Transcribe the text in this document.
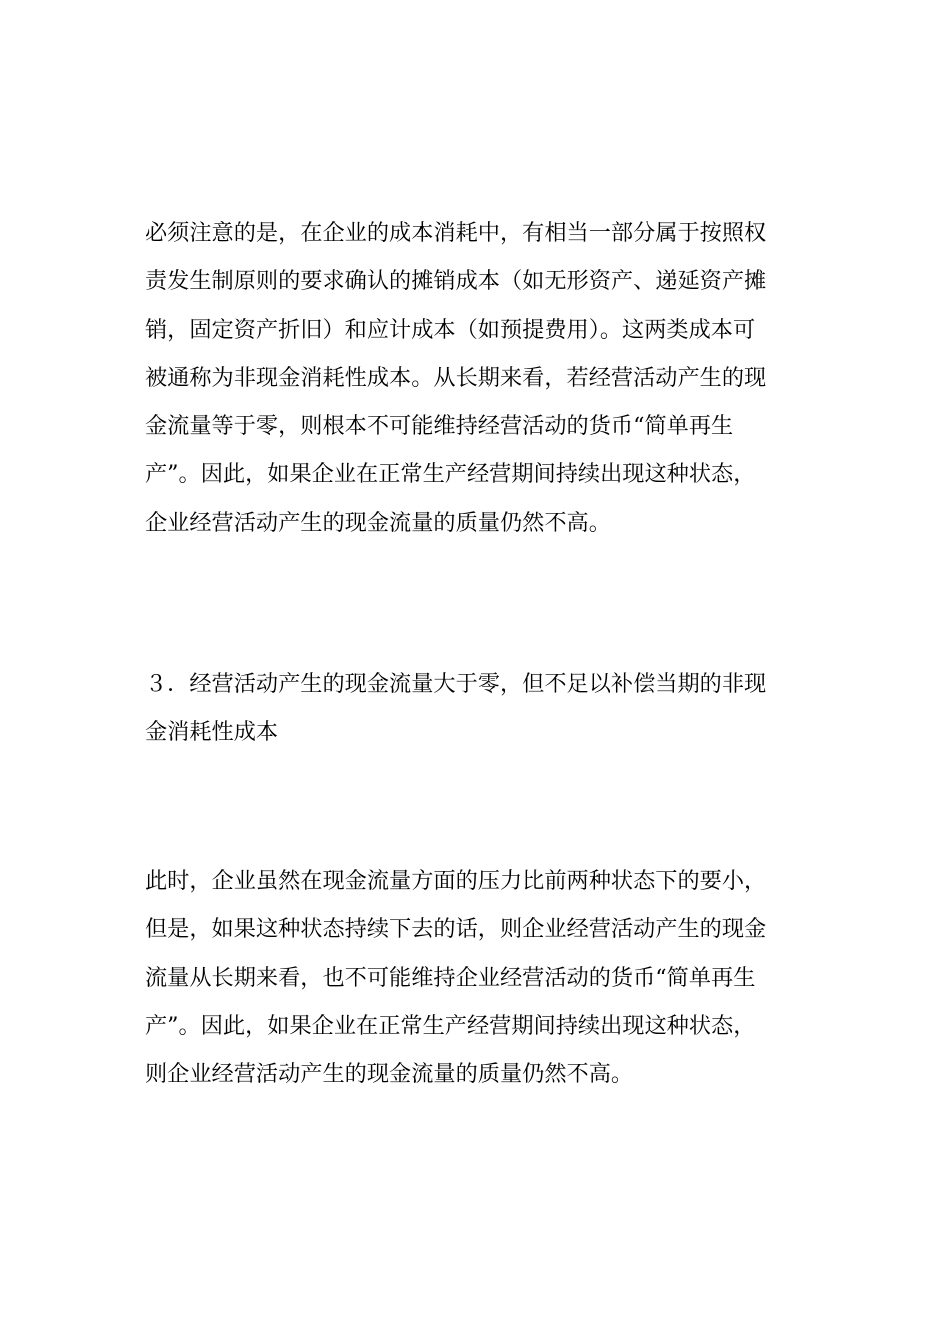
必须注意的是，在企业的成本消耗中，有相当一部分属于按照权
责发生制原则的要求确认的摊销成本（如无形资产、递延资产摊
销，固定资产折旧）和应计成本（如预提费用）。这两类成本可
被通称为非现金消耗性成本。从长期来看，若经营活动产生的现
金流量等于零，则根本不可能维持经营活动的货币“简单再生
产”。因此，如果企业在正常生产经营期间持续出现这种状态，
企业经营活动产生的现金流量的质量仍然不高。
３．经营活动产生的现金流量大于零，但不足以补偿当期的非现
金消耗性成本
此时，企业虽然在现金流量方面的压力比前两种状态下的要小，
但是，如果这种状态持续下去的话，则企业经营活动产生的现金
流量从长期来看，也不可能维持企业经营活动的货币“简单再生
产”。因此，如果企业在正常生产经营期间持续出现这种状态，
则企业经营活动产生的现金流量的质量仍然不高。
